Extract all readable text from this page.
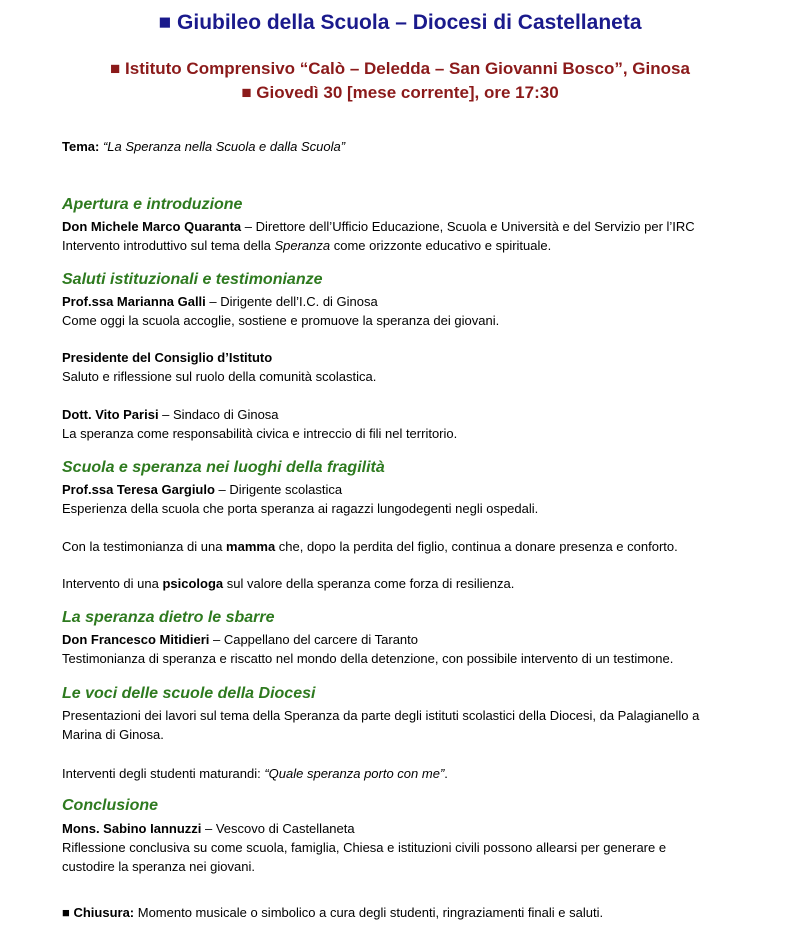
■ Giubileo della Scuola – Diocesi di Castellaneta
■ Istituto Comprensivo “Calò – Deledda – San Giovanni Bosco”, Ginosa
■ Giovedì 30 [mese corrente], ore 17:30
Tema: “La Speranza nella Scuola e dalla Scuola”
Apertura e introduzione
Don Michele Marco Quaranta – Direttore dell’Ufficio Educazione, Scuola e Università e del Servizio per l’IRC
Intervento introduttivo sul tema della Speranza come orizzonte educativo e spirituale.
Saluti istituzionali e testimonianze
Prof.ssa Marianna Galli – Dirigente dell’I.C. di Ginosa
Come oggi la scuola accoglie, sostiene e promuove la speranza dei giovani.
Presidente del Consiglio d’Istituto
Saluto e riflessione sul ruolo della comunità scolastica.
Dott. Vito Parisi – Sindaco di Ginosa
La speranza come responsabilità civica e intreccio di fili nel territorio.
Scuola e speranza nei luoghi della fragilità
Prof.ssa Teresa Gargiulo – Dirigente scolastica
Esperienza della scuola che porta speranza ai ragazzi lungodegenti negli ospedali.
Con la testimonianza di una mamma che, dopo la perdita del figlio, continua a donare presenza e conforto.
Intervento di una psicologa sul valore della speranza come forza di resilienza.
La speranza dietro le sbarre
Don Francesco Mitidieri – Cappellano del carcere di Taranto
Testimonianza di speranza e riscatto nel mondo della detenzione, con possibile intervento di un testimone.
Le voci delle scuole della Diocesi
Presentazioni dei lavori sul tema della Speranza da parte degli istituti scolastici della Diocesi, da Palagianello a Marina di Ginosa.
Interventi degli studenti maturandi: “Quale speranza porto con me”.
Conclusione
Mons. Sabino Iannuzzi – Vescovo di Castellaneta
Riflessione conclusiva su come scuola, famiglia, Chiesa e istituzioni civili possono allearsi per generare e custodire la speranza nei giovani.
■ Chiusura: Momento musicale o simbolico a cura degli studenti, ringraziamenti finali e saluti.
